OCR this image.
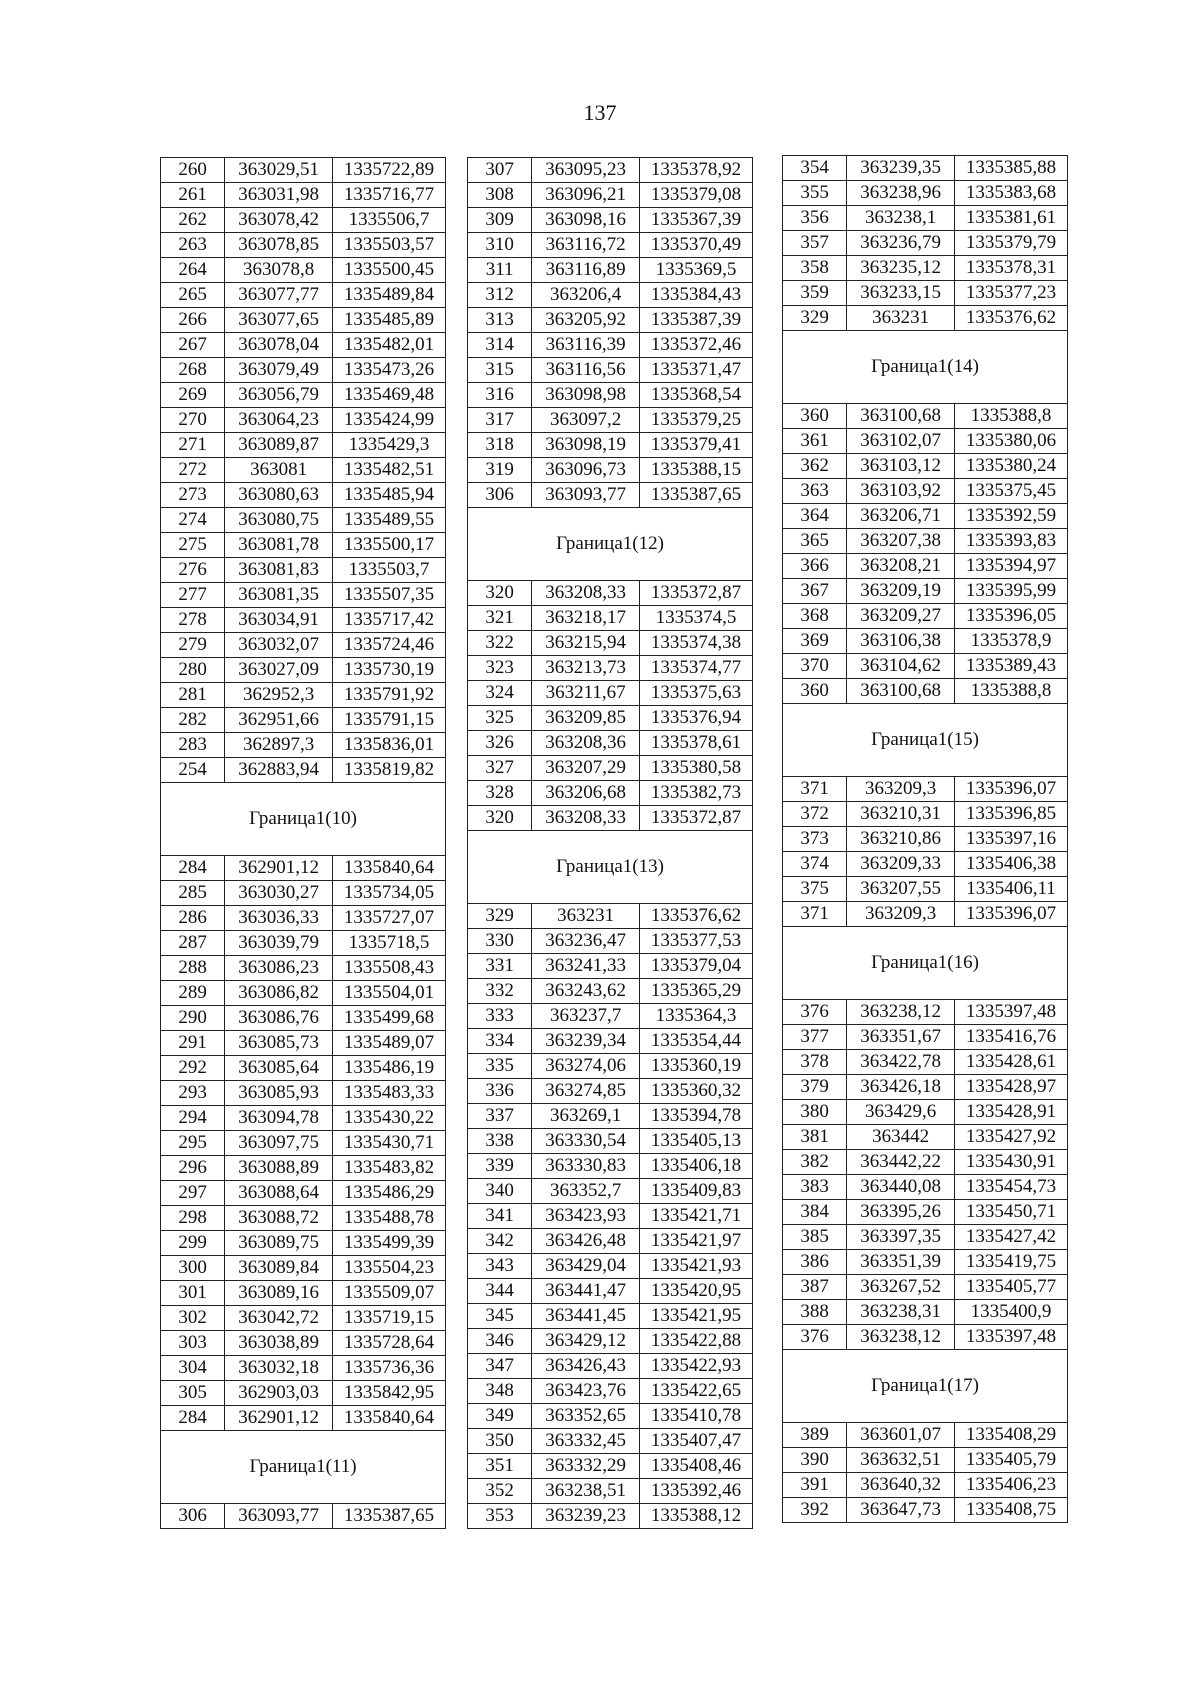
137
260	363029,51	1335722,89
261	363031,98	1335716,77
262	363078,42	1335506,7
263	363078,85	1335503,57
264	363078,8	1335500,45
265	363077,77	1335489,84
266	363077,65	1335485,89
267	363078,04	1335482,01
268	363079,49	1335473,26
269	363056,79	1335469,48
270	363064,23	1335424,99
271	363089,87	1335429,3
272	363081	1335482,51
273	363080,63	1335485,94
274	363080,75	1335489,55
275	363081,78	1335500,17
276	363081,83	1335503,7
277	363081,35	1335507,35
278	363034,91	1335717,42
279	363032,07	1335724,46
280	363027,09	1335730,19
281	362952,3	1335791,92
282	362951,66	1335791,15
283	362897,3	1335836,01
254	362883,94	1335819,82
Граница1(10)		
284	362901,12	1335840,64
285	363030,27	1335734,05
286	363036,33	1335727,07
287	363039,79	1335718,5
288	363086,23	1335508,43
289	363086,82	1335504,01
290	363086,76	1335499,68
291	363085,73	1335489,07
292	363085,64	1335486,19
293	363085,93	1335483,33
294	363094,78	1335430,22
295	363097,75	1335430,71
296	363088,89	1335483,82
297	363088,64	1335486,29
298	363088,72	1335488,78
299	363089,75	1335499,39
300	363089,84	1335504,23
301	363089,16	1335509,07
302	363042,72	1335719,15
303	363038,89	1335728,64
304	363032,18	1335736,36
305	362903,03	1335842,95
284	362901,12	1335840,64
Граница1(11)		
306	363093,77	1335387,65
307	363095,23	1335378,92
308	363096,21	1335379,08
309	363098,16	1335367,39
310	363116,72	1335370,49
311	363116,89	1335369,5
312	363206,4	1335384,43
313	363205,92	1335387,39
314	363116,39	1335372,46
315	363116,56	1335371,47
316	363098,98	1335368,54
317	363097,2	1335379,25
318	363098,19	1335379,41
319	363096,73	1335388,15
306	363093,77	1335387,65
Граница1(12)		
320	363208,33	1335372,87
321	363218,17	1335374,5
322	363215,94	1335374,38
323	363213,73	1335374,77
324	363211,67	1335375,63
325	363209,85	1335376,94
326	363208,36	1335378,61
327	363207,29	1335380,58
328	363206,68	1335382,73
320	363208,33	1335372,87
Граница1(13)		
329	363231	1335376,62
330	363236,47	1335377,53
331	363241,33	1335379,04
332	363243,62	1335365,29
333	363237,7	1335364,3
334	363239,34	1335354,44
335	363274,06	1335360,19
336	363274,85	1335360,32
337	363269,1	1335394,78
338	363330,54	1335405,13
339	363330,83	1335406,18
340	363352,7	1335409,83
341	363423,93	1335421,71
342	363426,48	1335421,97
343	363429,04	1335421,93
344	363441,47	1335420,95
345	363441,45	1335421,95
346	363429,12	1335422,88
347	363426,43	1335422,93
348	363423,76	1335422,65
349	363352,65	1335410,78
350	363332,45	1335407,47
351	363332,29	1335408,46
352	363238,51	1335392,46
353	363239,23	1335388,12
354	363239,35	1335385,88
355	363238,96	1335383,68
356	363238,1	1335381,61
357	363236,79	1335379,79
358	363235,12	1335378,31
359	363233,15	1335377,23
329	363231	1335376,62
Граница1(14)		
360	363100,68	1335388,8
361	363102,07	1335380,06
362	363103,12	1335380,24
363	363103,92	1335375,45
364	363206,71	1335392,59
365	363207,38	1335393,83
366	363208,21	1335394,97
367	363209,19	1335395,99
368	363209,27	1335396,05
369	363106,38	1335378,9
370	363104,62	1335389,43
360	363100,68	1335388,8
Граница1(15)		
371	363209,3	1335396,07
372	363210,31	1335396,85
373	363210,86	1335397,16
374	363209,33	1335406,38
375	363207,55	1335406,11
371	363209,3	1335396,07
Граница1(16)		
376	363238,12	1335397,48
377	363351,67	1335416,76
378	363422,78	1335428,61
379	363426,18	1335428,97
380	363429,6	1335428,91
381	363442	1335427,92
382	363442,22	1335430,91
383	363440,08	1335454,73
384	363395,26	1335450,71
385	363397,35	1335427,42
386	363351,39	1335419,75
387	363267,52	1335405,77
388	363238,31	1335400,9
376	363238,12	1335397,48
Граница1(17)		
389	363601,07	1335408,29
390	363632,51	1335405,79
391	363640,32	1335406,23
392	363647,73	1335408,75
